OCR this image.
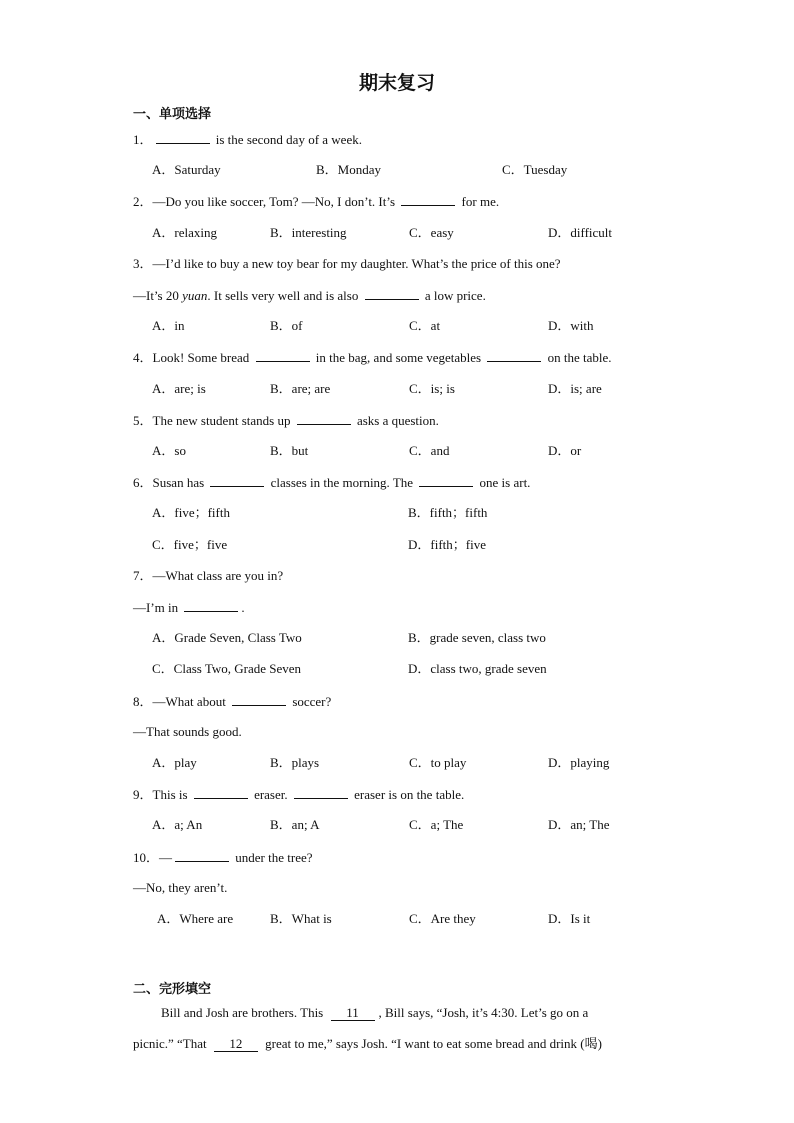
期末复习
一、单项选择
1．	is the second day of a week.
A．Saturday	B．Monday	C．Tuesday
2．—Do you like soccer, Tom? —No, I don’t. It’s	for me.
A．relaxing	B．interesting	C．easy	D．difficult
3．—I’d like to buy a new toy bear for my daughter. What’s the price of this one?
—It’s 20 yuan. It sells very well and is also	a low price.
A．in	B．of	C．at	D．with
4．Look! Some bread	in the bag, and some vegetables	on the table.
A．are; is	B．are; are	C．is; is	D．is; are
5．The new student stands up	asks a question.
A．so	B．but	C．and	D．or
6．Susan has	classes in the morning. The	one is art.
A．five；fifth	B．fifth；fifth
C．five；five	D．fifth；five
7．—What class are you in?
—I’m in	.
A．Grade Seven, Class Two	B．grade seven, class two
C．Class Two, Grade Seven	D．class two, grade seven
8．—What about	soccer?
—That sounds good.
A．play	B．plays	C．to play	D．playing
9．This is	eraser.	eraser is on the table.
A．a; An	B．an; A	C．a; The	D．an; The
10．—	under the tree?
—No, they aren’t.
A．Where are	B．What is	C．Are they	D．Is it
二、完形填空
Bill and Josh are brothers. This 11 , Bill says, “Josh, it’s 4:30. Let’s go on a
picnic.” “That 12 great to me,” says Josh. “I want to eat some bread and drink (喝)
